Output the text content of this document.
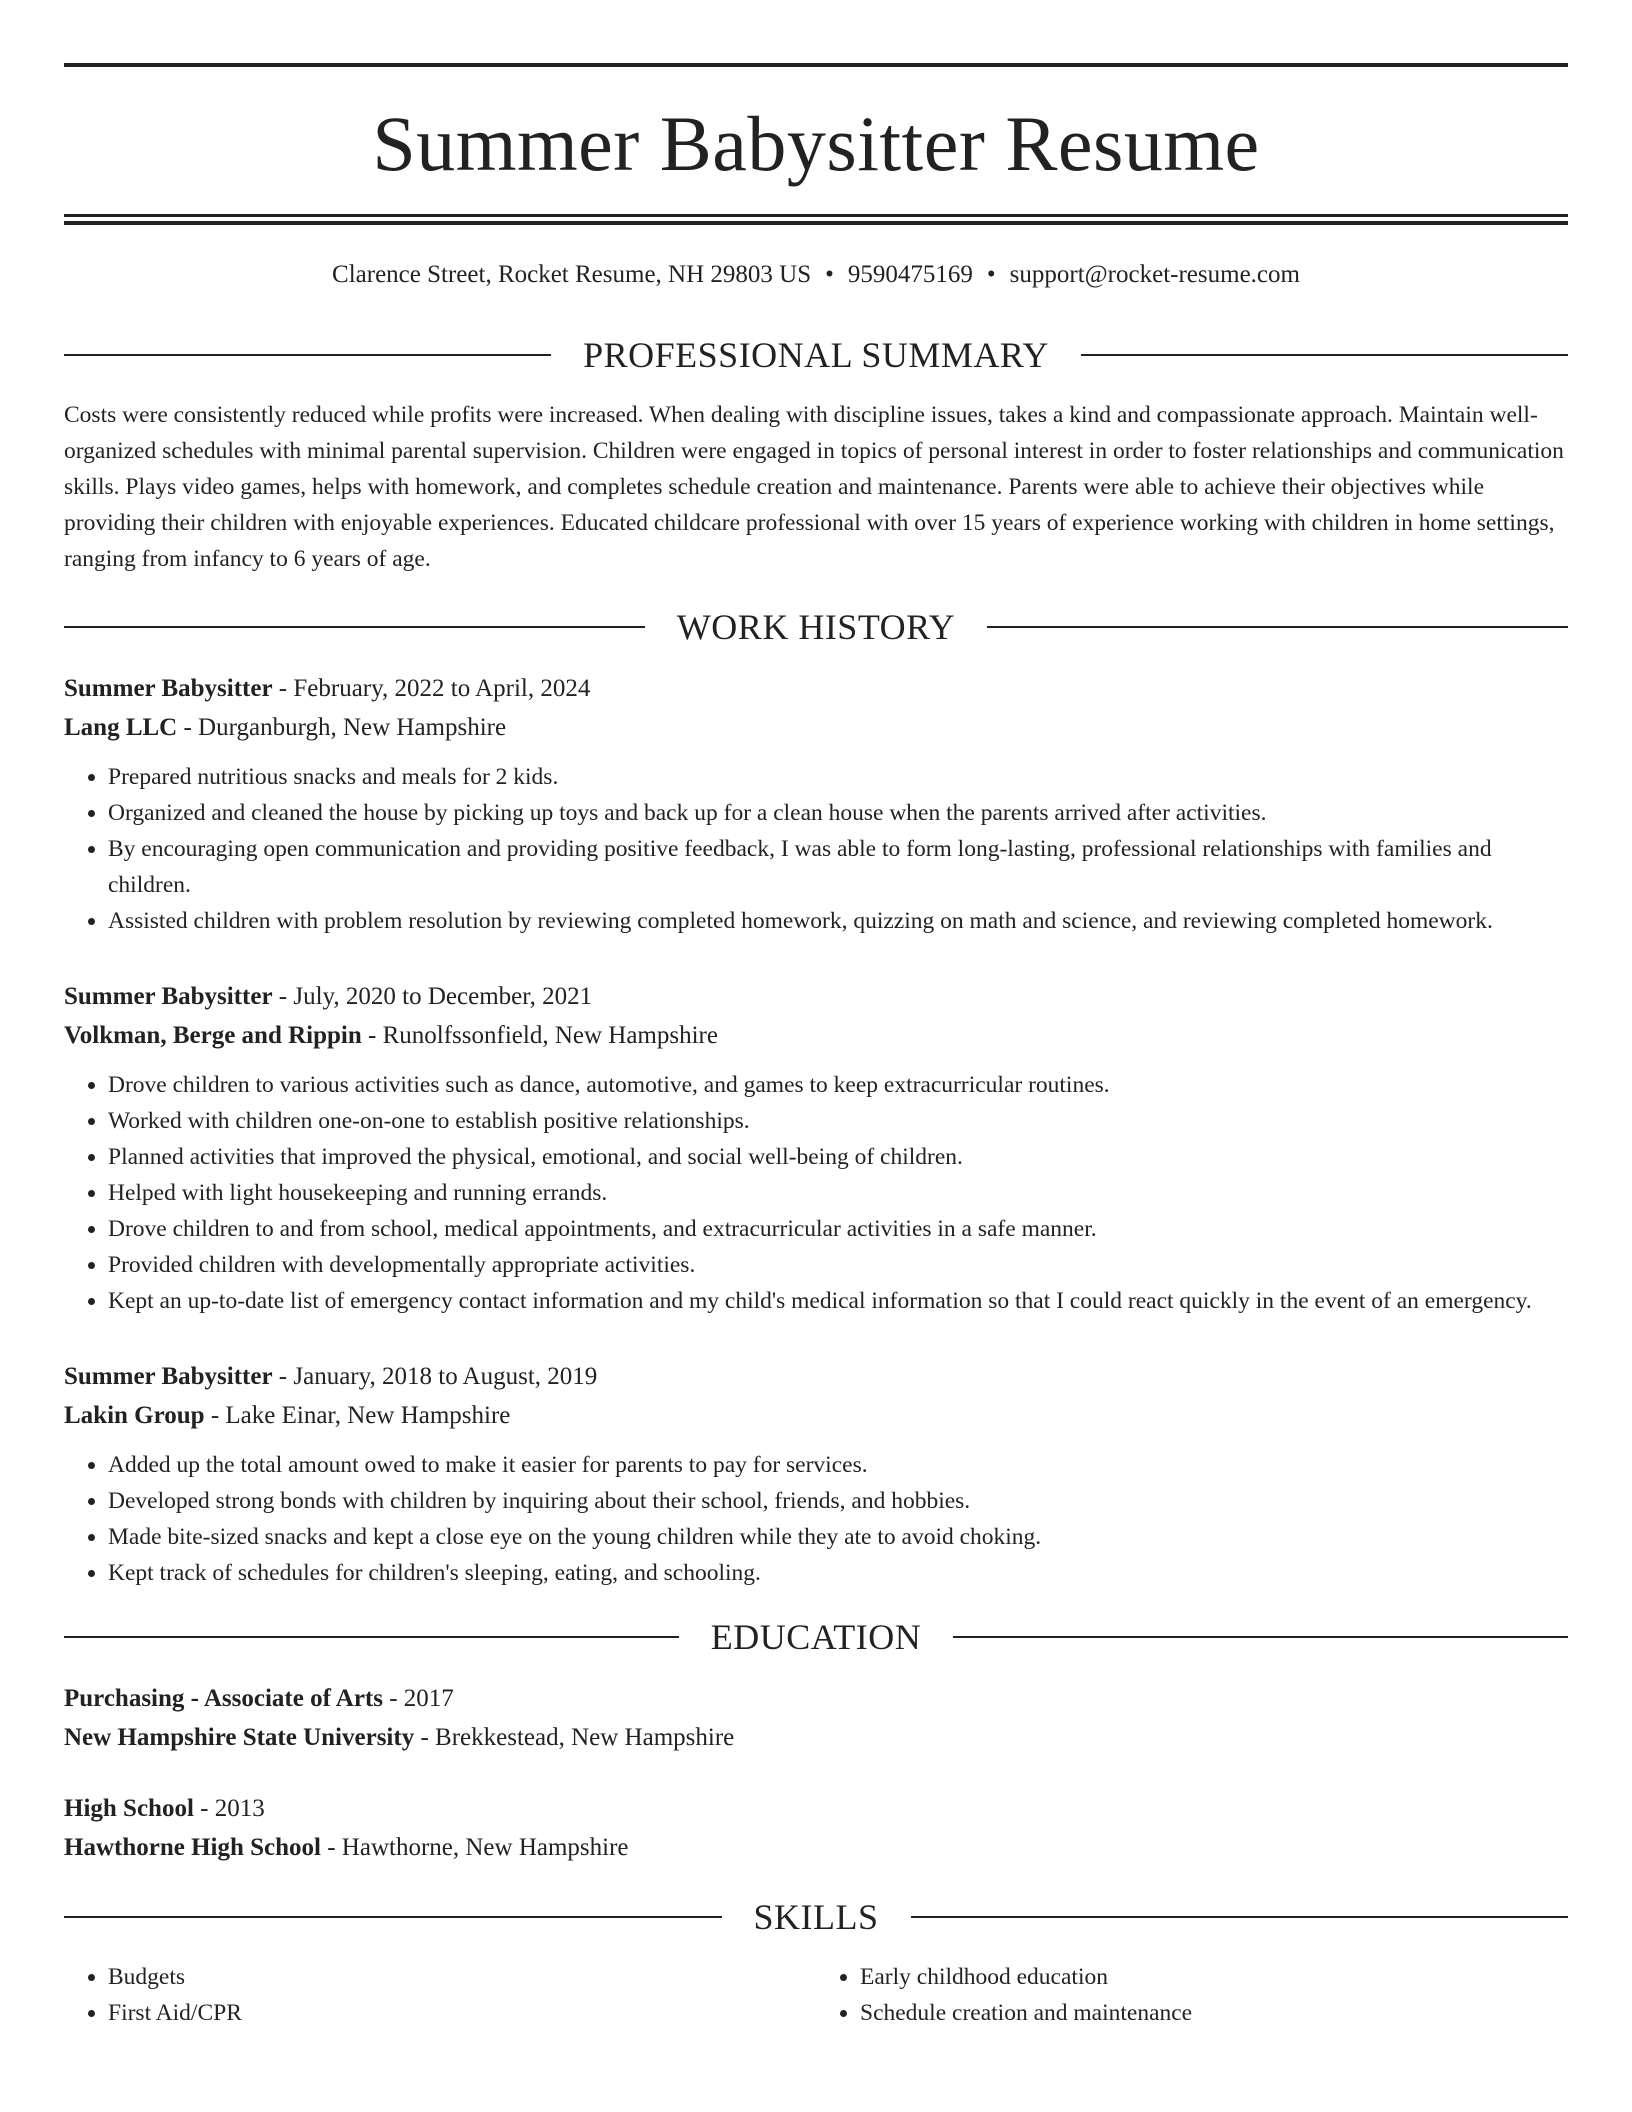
Summer Babysitter Resume
Clarence Street, Rocket Resume, NH 29803 US • 9590475169 • support@rocket-resume.com
PROFESSIONAL SUMMARY

Costs were consistently reduced while profits were increased. When dealing with discipline issues, takes a kind and compassionate approach. Maintain well-organized schedules with minimal parental supervision. Children were engaged in topics of personal interest in order to foster relationships and communication skills. Plays video games, helps with homework, and completes schedule creation and maintenance. Parents were able to achieve their objectives while providing their children with enjoyable experiences. Educated childcare professional with over 15 years of experience working with children in home settings, ranging from infancy to 6 years of age.

WORK HISTORY
Summer Babysitter - February, 2022 to April, 2024
Lang LLC - Durganburgh, New Hampshire
• Prepared nutritious snacks and meals for 2 kids.
• Organized and cleaned the house by picking up toys and back up for a clean house when the parents arrived after activities.
• By encouraging open communication and providing positive feedback, I was able to form long-lasting, professional relationships with families and children.
• Assisted children with problem resolution by reviewing completed homework, quizzing on math and science, and reviewing completed homework.
Summer Babysitter - July, 2020 to December, 2021
Volkman, Berge and Rippin - Runolfssonfield, New Hampshire
• Drove children to various activities such as dance, automotive, and games to keep extracurricular routines.
• Worked with children one-on-one to establish positive relationships.
• Planned activities that improved the physical, emotional, and social well-being of children.
• Helped with light housekeeping and running errands.
• Drove children to and from school, medical appointments, and extracurricular activities in a safe manner.
• Provided children with developmentally appropriate activities.
• Kept an up-to-date list of emergency contact information and my child's medical information so that I could react quickly in the event of an emergency.
Summer Babysitter - January, 2018 to August, 2019
Lakin Group - Lake Einar, New Hampshire
• Added up the total amount owed to make it easier for parents to pay for services.
• Developed strong bonds with children by inquiring about their school, friends, and hobbies.
• Made bite-sized snacks and kept a close eye on the young children while they ate to avoid choking.
• Kept track of schedules for children's sleeping, eating, and schooling.
EDUCATION
Purchasing - Associate of Arts - 2017
New Hampshire State University - Brekkestead, New Hampshire
High School - 2013
Hawthorne High School - Hawthorne, New Hampshire
SKILLS
• Budgets
• First Aid/CPR
• Early childhood education
• Schedule creation and maintenance
